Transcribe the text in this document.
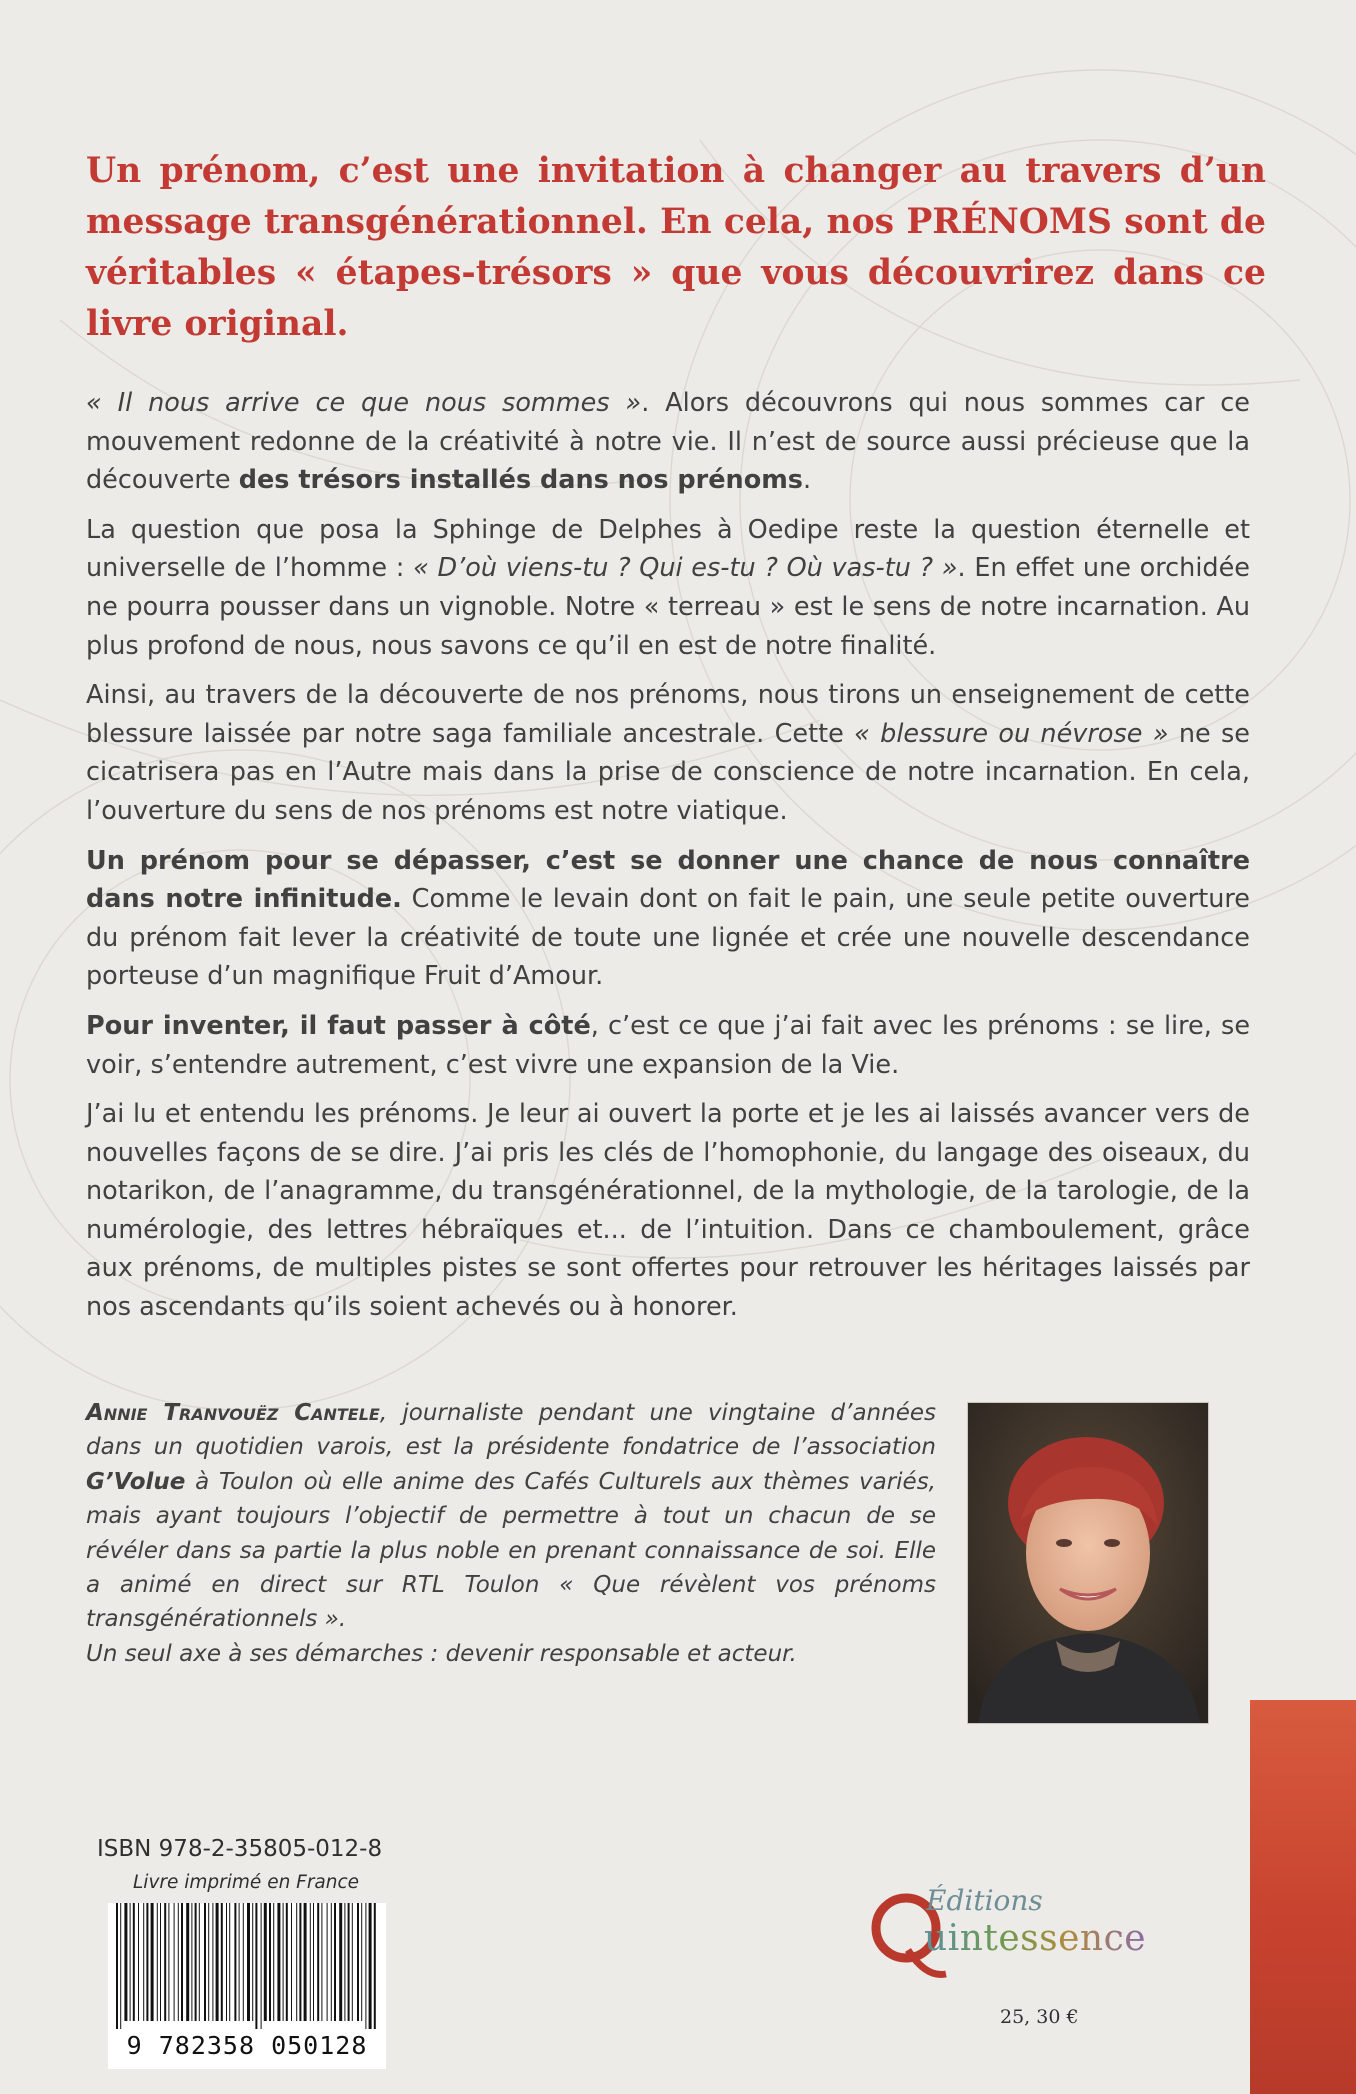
Un prénom, c’est une invitation à changer au travers d’un message transgénérationnel. En cela, nos PRÉNOMS sont de véritables « étapes-trésors » que vous découvrirez dans ce livre original.

« Il nous arrive ce que nous sommes ». Alors découvrons qui nous sommes car ce mouvement redonne de la créativité à notre vie. Il n’est de source aussi précieuse que la découverte des trésors installés dans nos prénoms.

La question que posa la Sphinge de Delphes à Oedipe reste la question éternelle et universelle de l’homme : « D’où viens-tu ? Qui es-tu ? Où vas-tu ? ». En effet une orchidée ne pourra pousser dans un vignoble. Notre « terreau » est le sens de notre incarnation. Au plus profond de nous, nous savons ce qu’il en est de notre finalité.

Ainsi, au travers de la découverte de nos prénoms, nous tirons un enseignement de cette blessure laissée par notre saga familiale ancestrale. Cette « blessure ou névrose » ne se cicatrisera pas en l’Autre mais dans la prise de conscience de notre incarnation. En cela, l’ouverture du sens de nos prénoms est notre viatique.

Un prénom pour se dépasser, c’est se donner une chance de nous connaître dans notre infinitude. Comme le levain dont on fait le pain, une seule petite ouverture du prénom fait lever la créativité de toute une lignée et crée une nouvelle descendance porteuse d’un magnifique Fruit d’Amour.

Pour inventer, il faut passer à côté, c’est ce que j’ai fait avec les prénoms : se lire, se voir, s’entendre autrement, c’est vivre une expansion de la Vie.

J’ai lu et entendu les prénoms. Je leur ai ouvert la porte et je les ai laissés avancer vers de nouvelles façons de se dire. J’ai pris les clés de l’homophonie, du langage des oiseaux, du notarikon, de l’anagramme, du transgénérationnel, de la mythologie, de la tarologie, de la numérologie, des lettres hébraïques et... de l’intuition. Dans ce chamboulement, grâce aux prénoms, de multiples pistes se sont offertes pour retrouver les héritages laissés par nos ascendants qu’ils soient achevés ou à honorer.

Annie Tranvouëz Cantele, journaliste pendant une vingtaine d’années dans un quotidien varois, est la présidente fondatrice de l’association G’Volue à Toulon où elle anime des Cafés Culturels aux thèmes variés, mais ayant toujours l’objectif de permettre à tout un chacun de se révéler dans sa partie la plus noble en prenant connaissance de soi. Elle a animé en direct sur RTL Toulon « Que révèlent vos prénoms transgénérationnels ».
Un seul axe à ses démarches : devenir responsable et acteur.

ISBN 978-2-35805-012-8

Livre imprimé en France

9 782358 050128
Éditions
uintessence

25, 30 €
